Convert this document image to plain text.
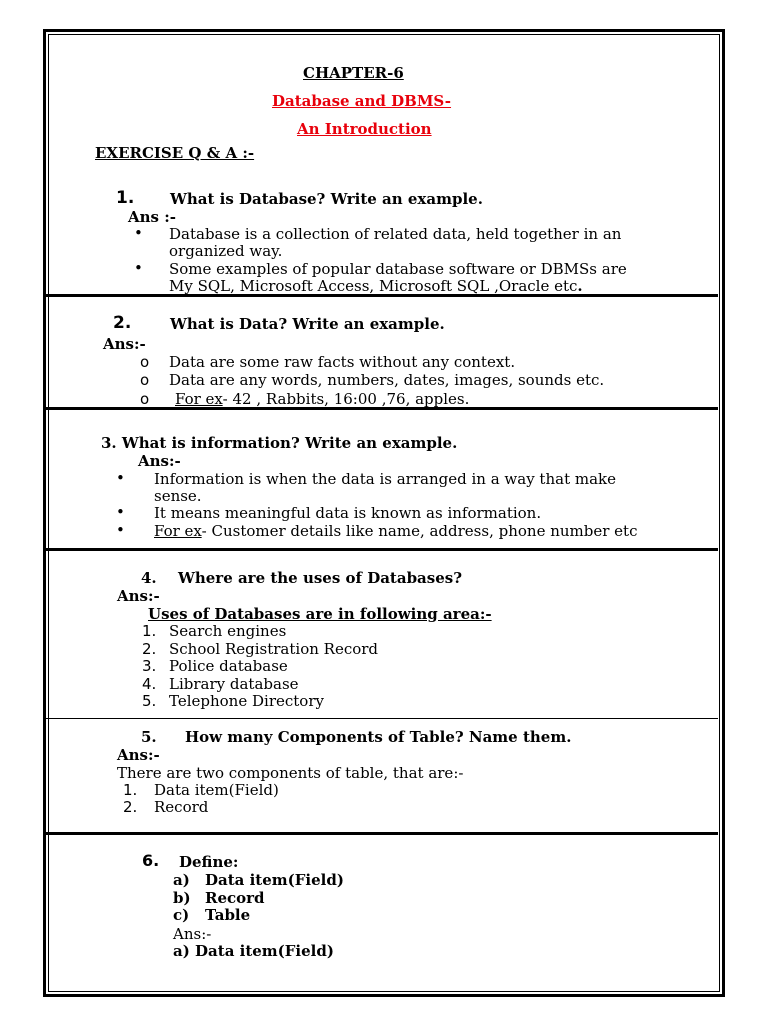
CHAPTER-6
Database and DBMS-
An Introduction
EXERCISE Q & A :-
1. What is Database? Write an example.
Ans :-
• Database is a collection of related data, held together in an
organized way.
• Some examples of popular database software or DBMSs are
My SQL, Microsoft Access, Microsoft SQL ,Oracle etc.
2.	What is Data? Write an example.
Ans:-
o Data are some raw facts without any context.
o Data are any words, numbers, dates, images, sounds etc.
o For ex- 42 , Rabbits, 16:00 ,76, apples.
3. What is information? Write an example.
Ans:-
• Information is when the data is arranged in a way that make
sense.
• It means meaningful data is known as information.
• For ex- Customer details like name, address, phone number etc
4. Where are the uses of Databases?
Ans:-
Uses of Databases are in following area:-
1. Search engines
2. School Registration Record
3. Police database
4. Library database
5. Telephone Directory
5. How many Components of Table? Name them.
Ans:-
There are two components of table, that are:-
1. Data item(Field)
2. Record
6. Define:
a) Data item(Field)
b) Record
c) Table
Ans:-
a) Data item(Field)
